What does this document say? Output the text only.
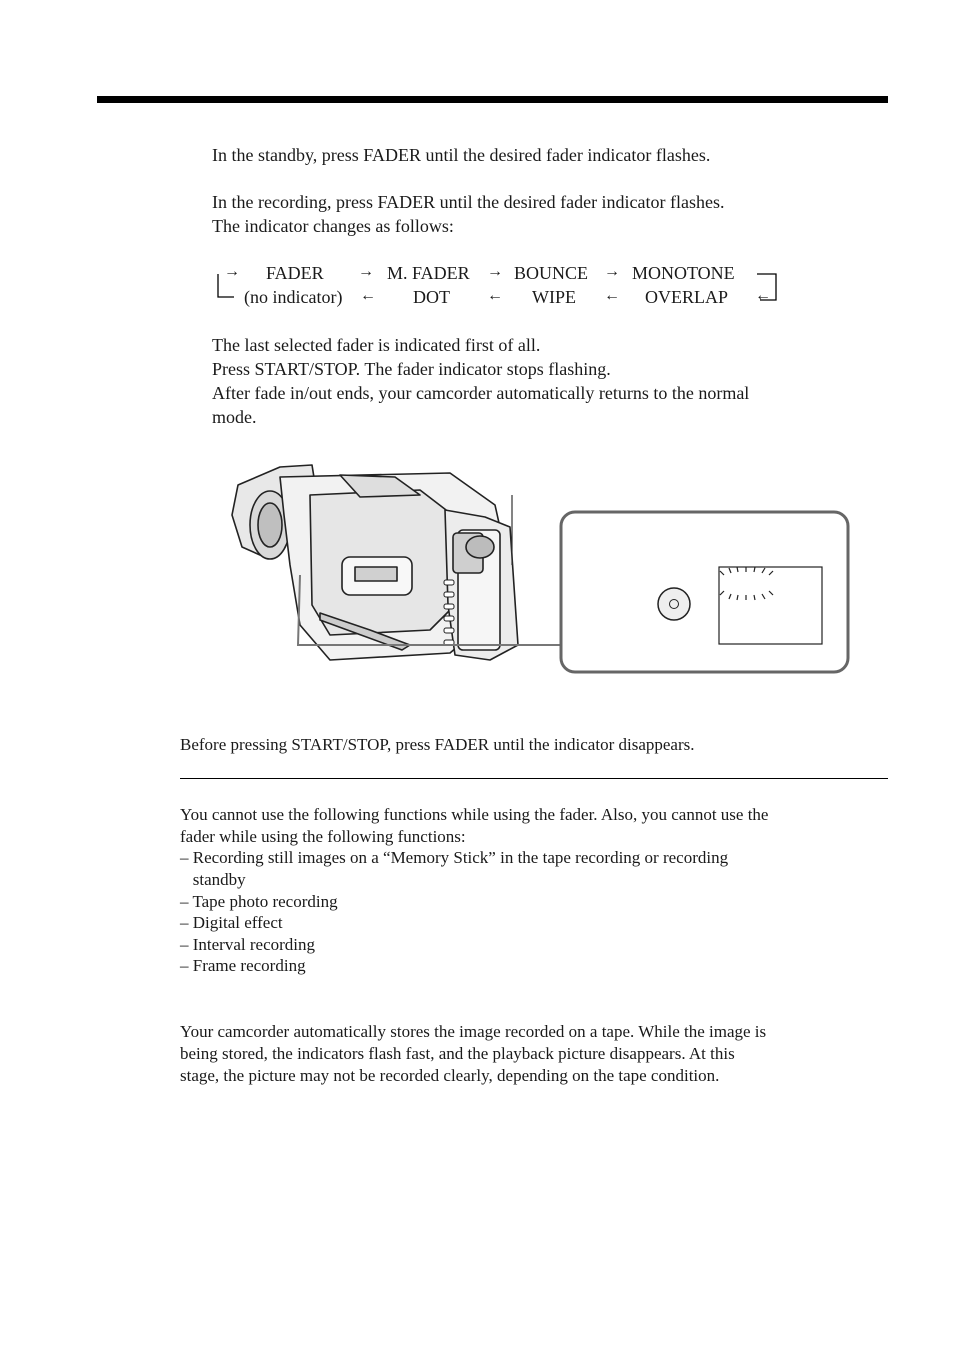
In the standby, press FADER until the desired fader indicator flashes.

In the recording, press FADER until the desired fader indicator flashes.

The indicator changes as follows:

→ FADER → M. FADER → BOUNCE → MONOTONE
(no indicator) ← DOT ← WIPE ← OVERLAP ←

The last selected fader is indicated first of all.

Press START/STOP. The fader indicator stops flashing.

After fade in/out ends, your camcorder automatically returns to the normal

mode.

Before pressing START/STOP, press FADER until the indicator disappears.

You cannot use the following functions while using the fader. Also, you cannot use the

fader while using the following functions:

– Recording still images on a “Memory Stick” in the tape recording or recording
standby
– Tape photo recording
– Digital effect
– Interval recording
– Frame recording

Your camcorder automatically stores the image recorded on a tape. While the image is

being stored, the indicators flash fast, and the playback picture disappears. At this

stage, the picture may not be recorded clearly, depending on the tape condition.
